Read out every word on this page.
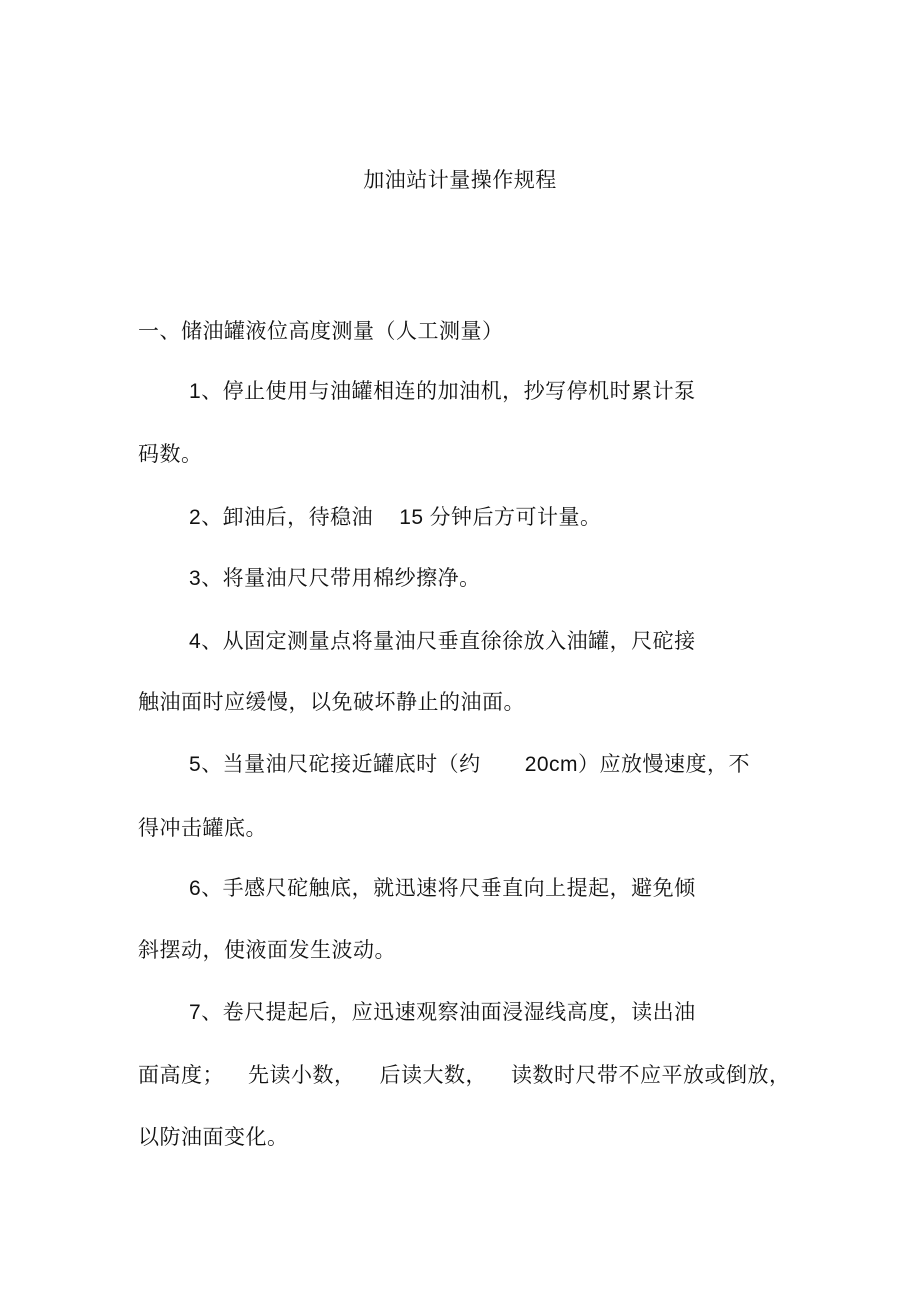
加油站计量操作规程
一、储油罐液位高度测量（人工测量）
1、停止使用与油罐相连的加油机，抄写停机时累计泵
码数。
2、卸油后，待稳油 15 分钟后方可计量。
3、将量油尺尺带用棉纱擦净。
4、从固定测量点将量油尺垂直徐徐放入油罐，尺砣接
触油面时应缓慢，以免破坏静止的油面。
5、当量油尺砣接近罐底时（约 20cm）应放慢速度，不
得冲击罐底。
6、手感尺砣触底，就迅速将尺垂直向上提起，避免倾
斜摆动，使液面发生波动。
7、卷尺提起后，应迅速观察油面浸湿线高度，读出油
面高度； 先读小数， 后读大数， 读数时尺带不应平放或倒放，
以防油面变化。
